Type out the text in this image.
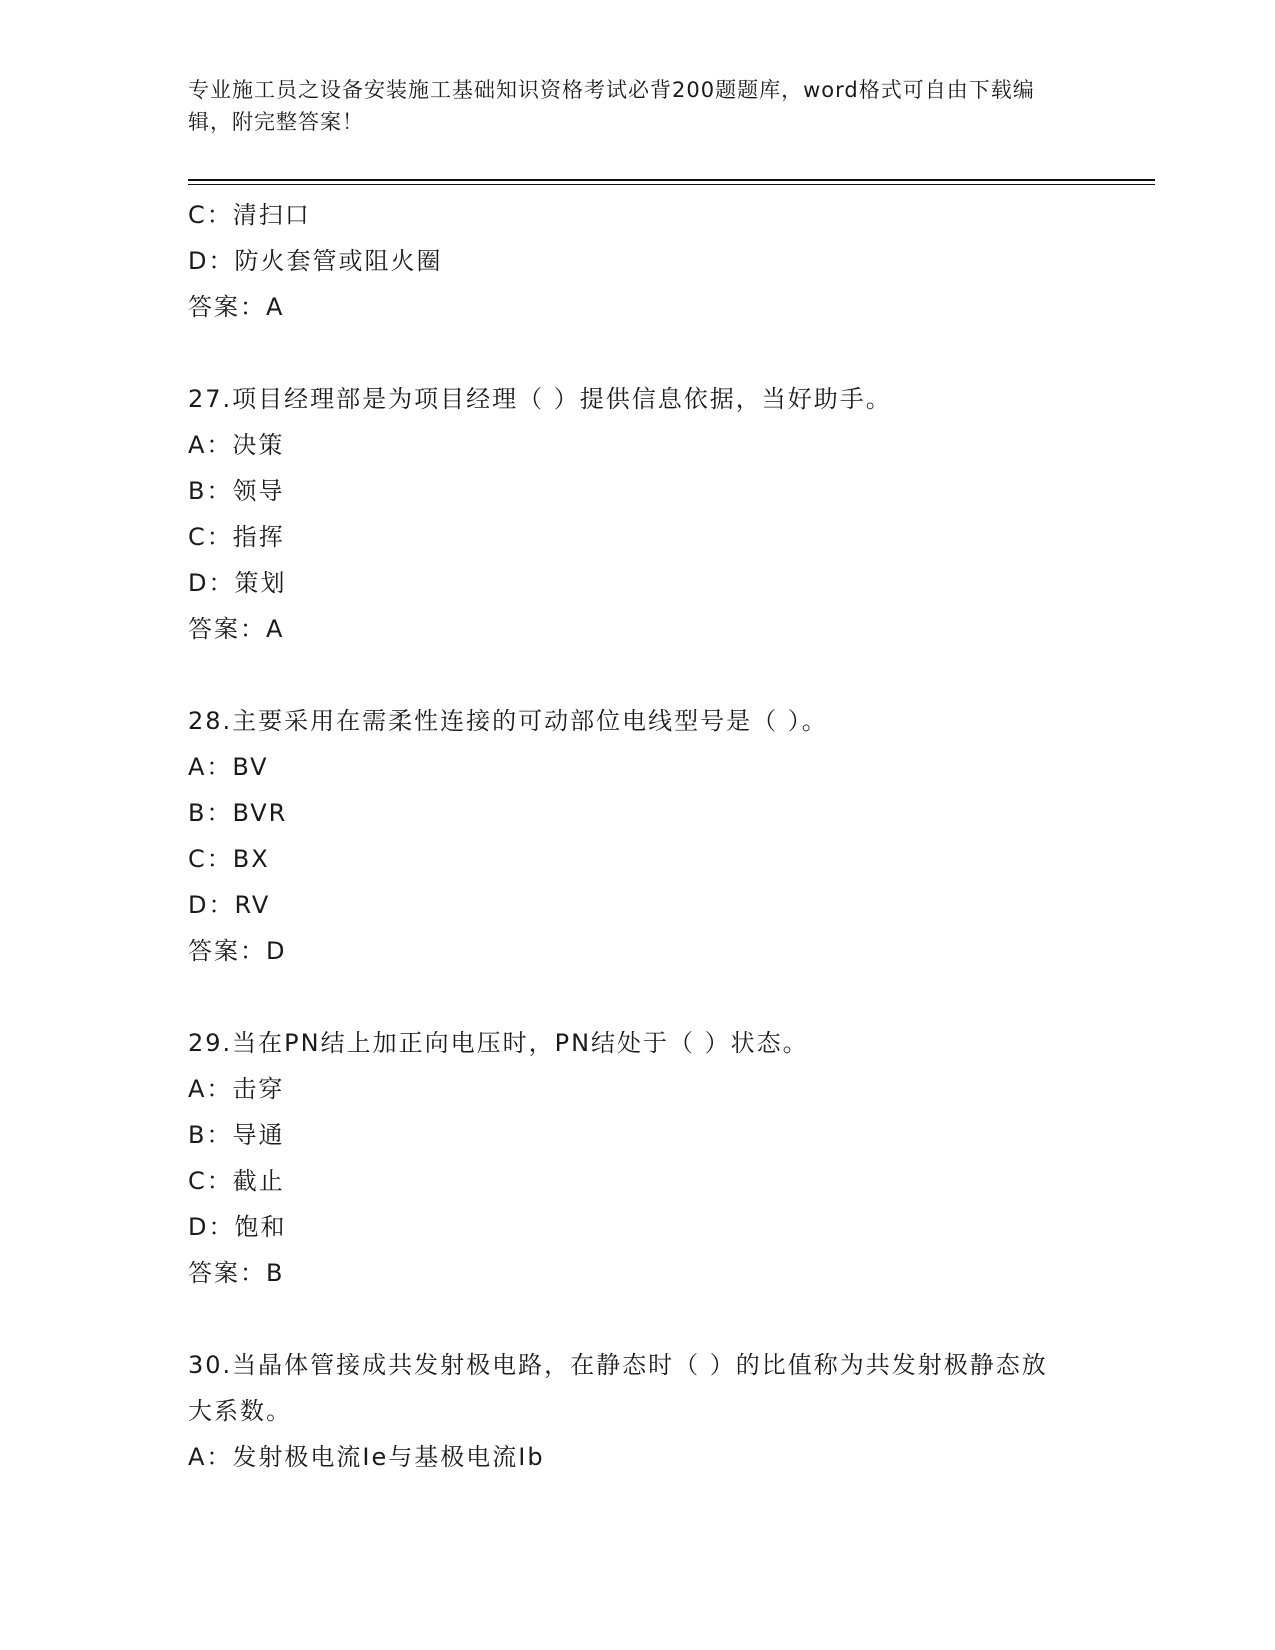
专业施工员之设备安装施工基础知识资格考试必背200题题库，word格式可自由下载编辑，附完整答案！
C：清扫口
D：防火套管或阻火圈
答案：A
27.项目经理部是为项目经理（ ）提供信息依据，当好助手。
A：决策
B：领导
C：指挥
D：策划
答案：A
28.主要采用在需柔性连接的可动部位电线型号是（ ）。
A：BV
B：BVR
C：BX
D：RV
答案：D
29.当在PN结上加正向电压时，PN结处于（ ）状态。
A：击穿
B：导通
C：截止
D：饱和
答案：B
30.当晶体管接成共发射极电路，在静态时（ ）的比值称为共发射极静态放大系数。
A：发射极电流Ie与基极电流Ib
